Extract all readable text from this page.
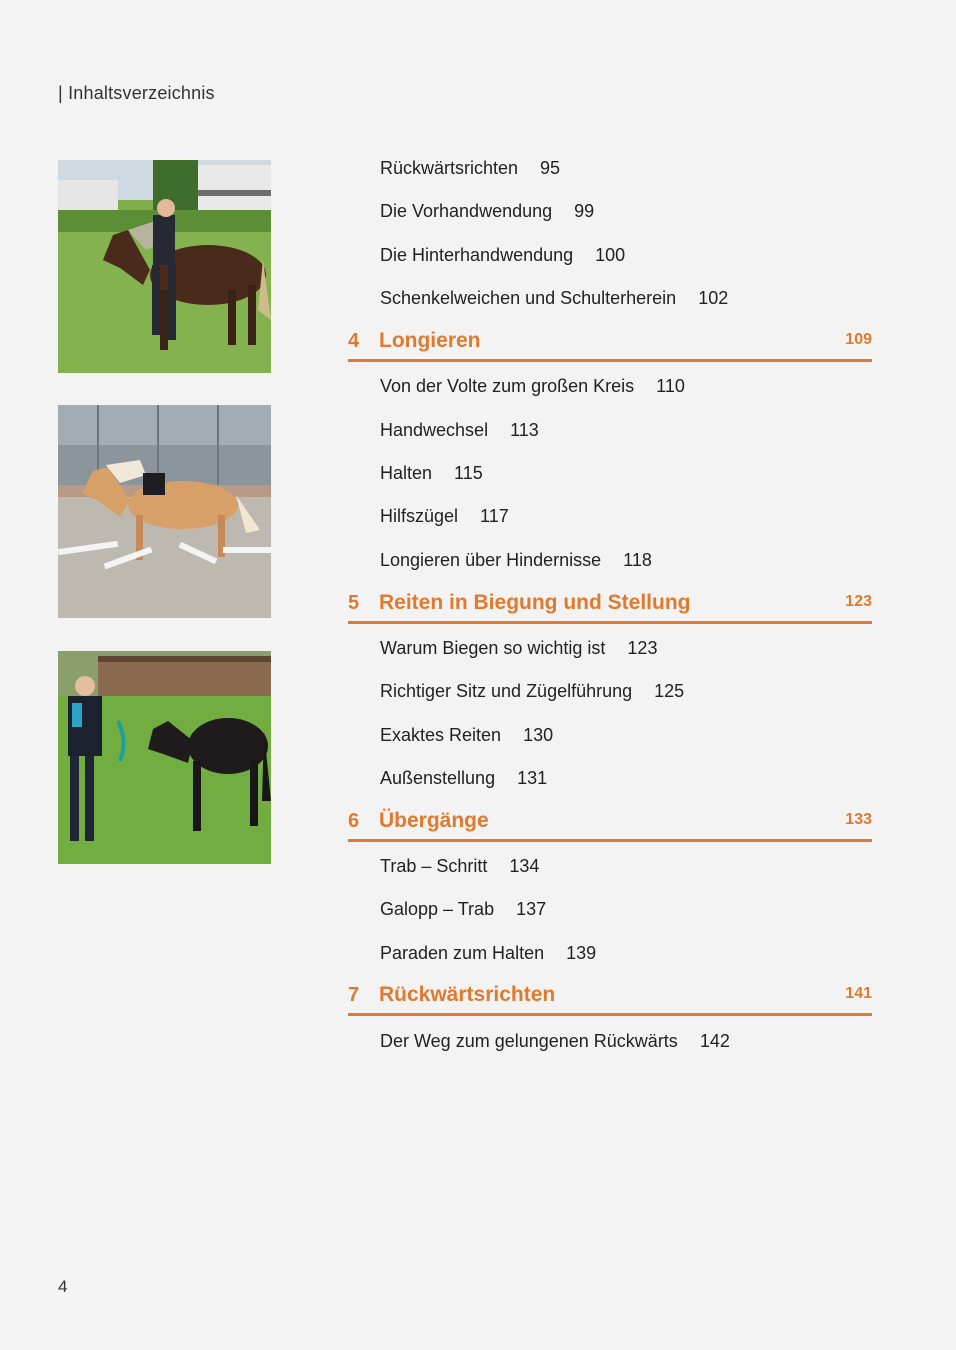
| Inhaltsverzeichnis
Rückwärtsrichten 95
Die Vorhandwendung 99
Die Hinterhandwendung 100
Schenkelweichen und Schulterherein 102
4 Longieren	109
Von der Volte zum großen Kreis 110
Handwechsel 113
Halten 115
Hilfszügel 117
Longieren über Hindernisse 118
5 Reiten in Biegung und Stellung	123
Warum Biegen so wichtig ist 123
Richtiger Sitz und Zügelführung 125
Exaktes Reiten 130
Außenstellung 131
6 Übergänge	133
Trab – Schritt 134
Galopp – Trab 137
Paraden zum Halten 139
7 Rückwärtsrichten	141
Der Weg zum gelungenen Rückwärts 142
4
